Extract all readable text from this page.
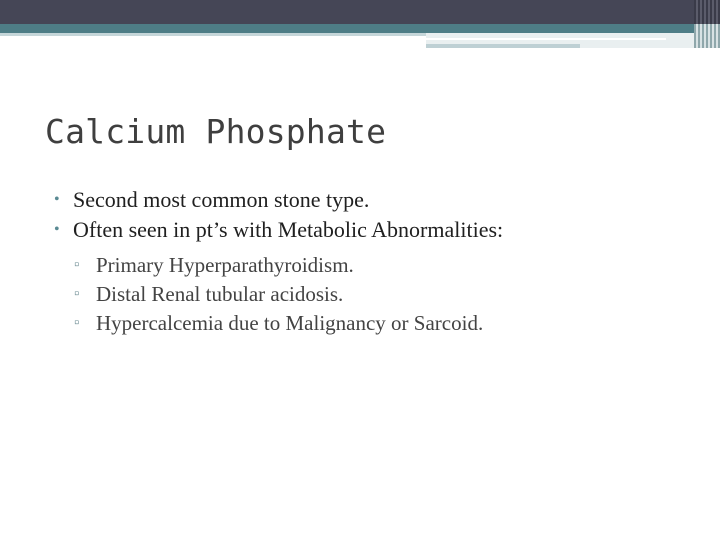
Calcium Phosphate
• Second most common stone type.
• Often seen in pt’s with Metabolic Abnormalities:
▫ Primary Hyperparathyroidism.
▫ Distal Renal tubular acidosis.
▫ Hypercalcemia due to Malignancy or Sarcoid.
